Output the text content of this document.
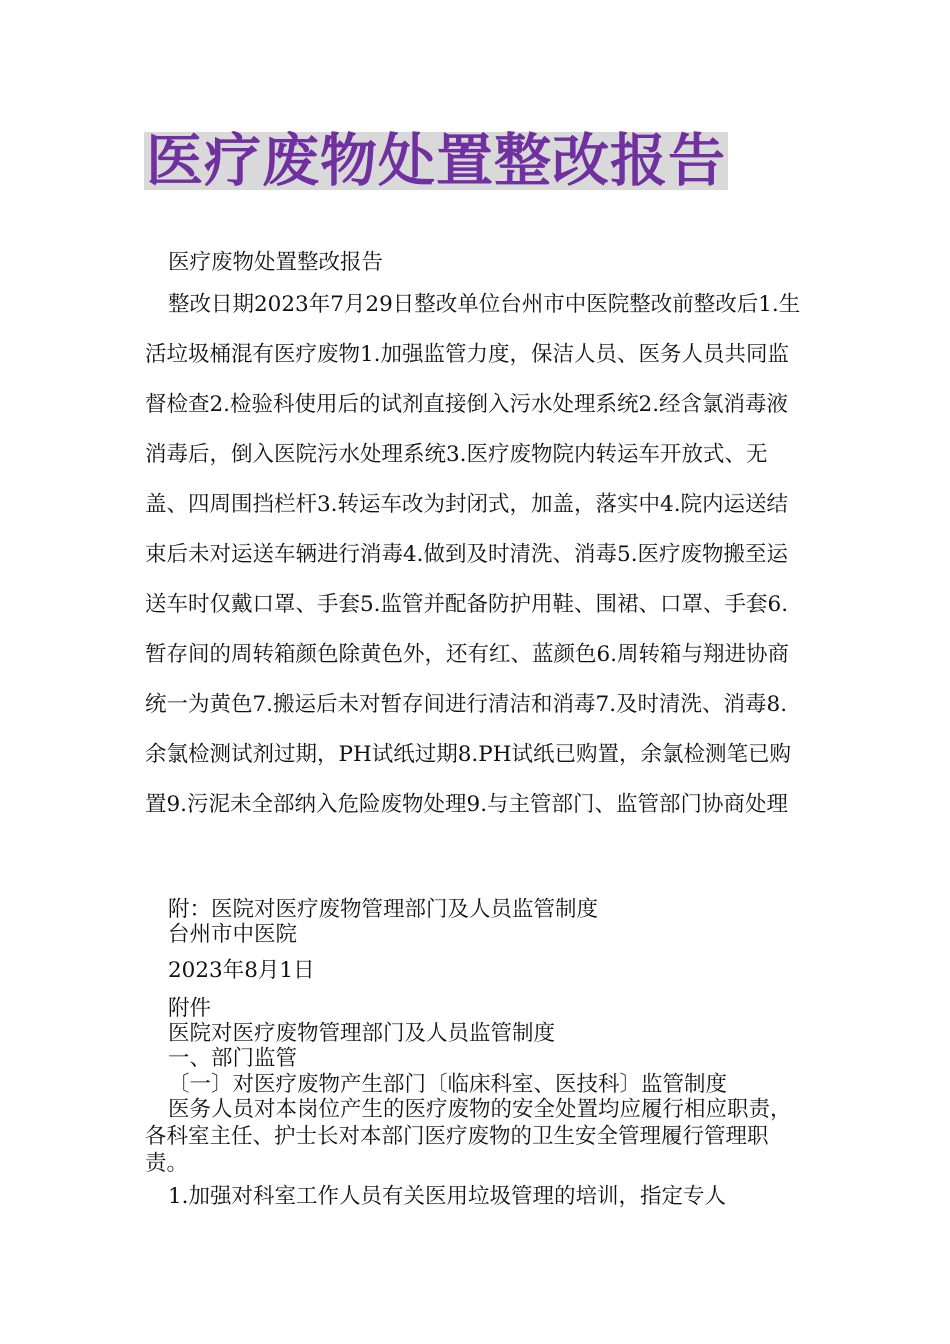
医疗废物处置整改报告
医疗废物处置整改报告

整改日期2023年7月29日整改单位台州市中医院整改前整改后1.生活垃圾桶混有医疗废物1.加强监管力度，保洁人员、医务人员共同监督检查2.检验科使用后的试剂直接倒入污水处理系统2.经含氯消毒液消毒后，倒入医院污水处理系统3.医疗废物院内转运车开放式、无盖、四周围挡栏杆3.转运车改为封闭式，加盖，落实中4.院内运送结束后未对运送车辆进行消毒4.做到及时清洗、消毒5.医疗废物搬至运送车时仅戴口罩、手套5.监管并配备防护用鞋、围裙、口罩、手套6.暂存间的周转箱颜色除黄色外，还有红、蓝颜色6.周转箱与翔进协商统一为黄色7.搬运后未对暂存间进行清洁和消毒7.及时清洗、消毒8.余氯检测试剂过期，PH试纸过期8.PH试纸已购置，余氯检测笔已购置9.污泥未全部纳入危险废物处理9.与主管部门、监管部门协商处理

附：医院对医疗废物管理部门及人员监管制度
台州市中医院
2023年8月1日
附件
医院对医疗废物管理部门及人员监管制度
一、部门监管
〔一〕对医疗废物产生部门〔临床科室、医技科〕监管制度

医务人员对本岗位产生的医疗废物的安全处置均应履行相应职责，各科室主任、护士长对本部门医疗废物的卫生安全管理履行管理职责。

1.加强对科室工作人员有关医用垃圾管理的培训，指定专人
